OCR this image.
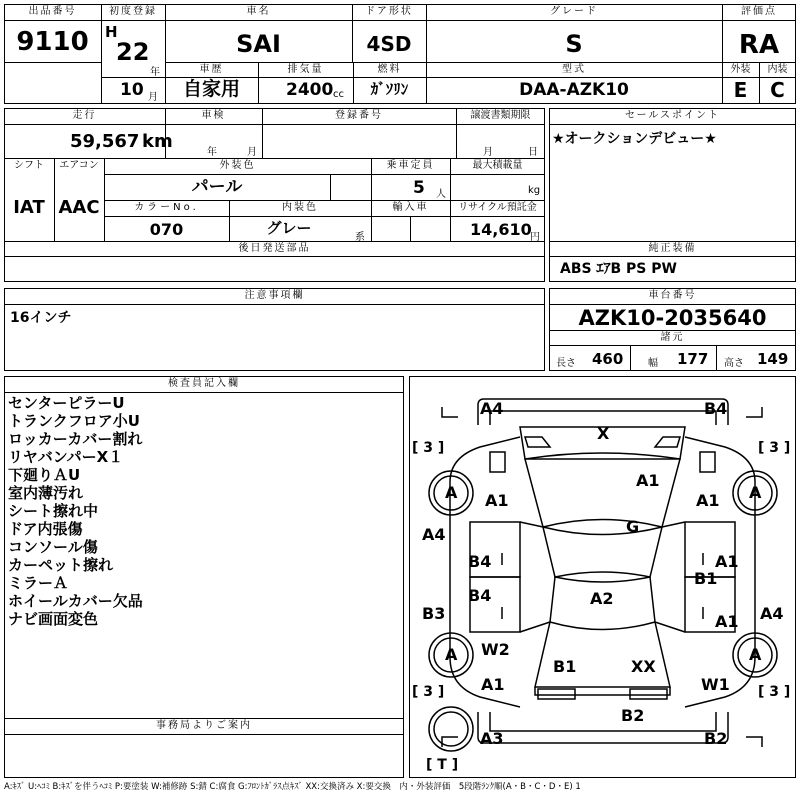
出品番号
9110
初度登録
H
22
年
車名
SAI
ドア形状
4SD
グレード
S
評価点
RA
車歴
自家用
10 月
排気量
2400 cc
燃料
ｶﾞｿﾘﾝ
型式
DAA-AZK10
外装
E
内装
C
走行
59,567 km
車検
年	月
登録番号	譲渡書類期限
月	日
シフト
IAT
エアコン
AAC
外装色
パール
乗車定員
5 人
最大積載量
kg
カラーNo.
070
内装色
グレー
系
輸入車	リサイクル預託金
14,610
円
後日発送部品
セールスポイント
★オークションデビュー★
純正装備
ABS ｴｱB PS PW
注意事項欄
16インチ
車台番号
AZK10-2035640
諸元
長さ 460 幅 177 高さ 149
検査員記入欄
センターピラーU
トランクフロア小U
ロッカーカバー割れ
リヤバンパーX１
下廻りＡU
室内薄汚れ
シート擦れ中
ドア内張傷
コンソール傷
カーペット擦れ
ミラーＡ
ホイールカバー欠品
ナビ画面変色
事務局よりご案内
A4	B4
X
[ 3 ]	[ 3 ]
A A1
A1
A1 A
G
A4
B4	A1
B1
B4
B3
A2
A1 A4
W2
A	A
B1	XX
[ 3 ] A1	W1 [ 3 ]
B2
A3	B2
[ T ]
A:ｷｽﾞ U:ﾍｺﾐ B:ｷｽﾞを伴うﾍｺﾐ P:要塗装 W:補修跡 S:錆 C:腐食 G:ﾌﾛﾝﾄｶﾞﾗｽ点ｷｽﾞ XX:交換済み X:要交換　内・外装評価　5段階ﾗﾝｸ順(A・B・C・D・E) 1
